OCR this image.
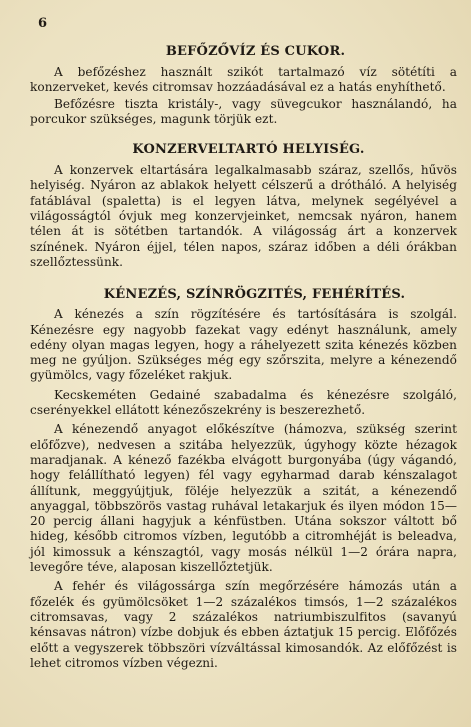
6
BEFŐZŐVÍZ ÉS CUKOR.

A befőzéshez használt szikót tartalmazó víz sötétíti a konzerveket, kevés citromsav hozzáadásával ez a hatás enyhíthető.

Befőzésre tiszta kristály-, vagy süvegcukor használandó, ha porcukor szükséges, magunk törjük ezt.

KONZERVELTARTÓ HELYISÉG.

A konzervek eltartására legalkalmasabb száraz, szellős, hűvös helyiség. Nyáron az ablakok helyett célszerű a drótháló. A helyiség fatáblával (spaletta) is el legyen látva, melynek segélyével a világosságtól óvjuk meg konzervjeinket, nemcsak nyáron, hanem télen át is sötétben tartandók. A világosság árt a konzervek színének. Nyáron éjjel, télen napos, száraz időben a déli órákban szellőztessünk.

KÉNEZÉS, SZÍNRÖGZITÉS, FEHÉRÍTÉS.

A kénezés a szín rögzítésére és tartósítására is szolgál. Kénezésre egy nagyobb fazekat vagy edényt használunk, amely edény olyan magas legyen, hogy a ráhelyezett szita kénezés közben meg ne gyúljon. Szükséges még egy szőrszita, melyre a kénezendő gyümölcs, vagy főzeléket rakjuk.

Kecskeméten Gedainé szabadalma és kénezésre szolgáló, cserényekkel ellátott kénezőszekrény is beszerezhető.

A kénezendő anyagot előkészítve (hámozva, szükség szerint előfőzve), nedvesen a szitába helyezzük, úgyhogy közte hézagok maradjanak. A kénező fazékba elvágott burgonyába (úgy vágandó, hogy felállítható legyen) fél vagy egyharmad darab kénszalagot állítunk, meggyújtjuk, föléje helyezzük a szitát, a kénezendő anyaggal, többszörös vastag ruhával letakarjuk és ilyen módon 15—20 percig állani hagyjuk a kénfüstben. Utána sokszor váltott bő hideg, később citromos vízben, legutóbb a citromhéját is beleadva, jól kimossuk a kénszagtól, vagy mosás nélkül 1—2 órára napra, levegőre téve, alaposan kiszellőztetjük.

A fehér és világossárga szín megőrzésére hámozás után a főzelék és gyümölcsöket 1—2 százalékos timsós, 1—2 százalékos citromsavas, vagy 2 százalékos natriumbiszulfitos (savanyú kénsavas nátron) vízbe dobjuk és ebben áztatjuk 15 percig. Előfőzés előtt a vegyszerek többszöri vízváltással kimosandók. Az előfőzést is lehet citromos vízben végezni.
